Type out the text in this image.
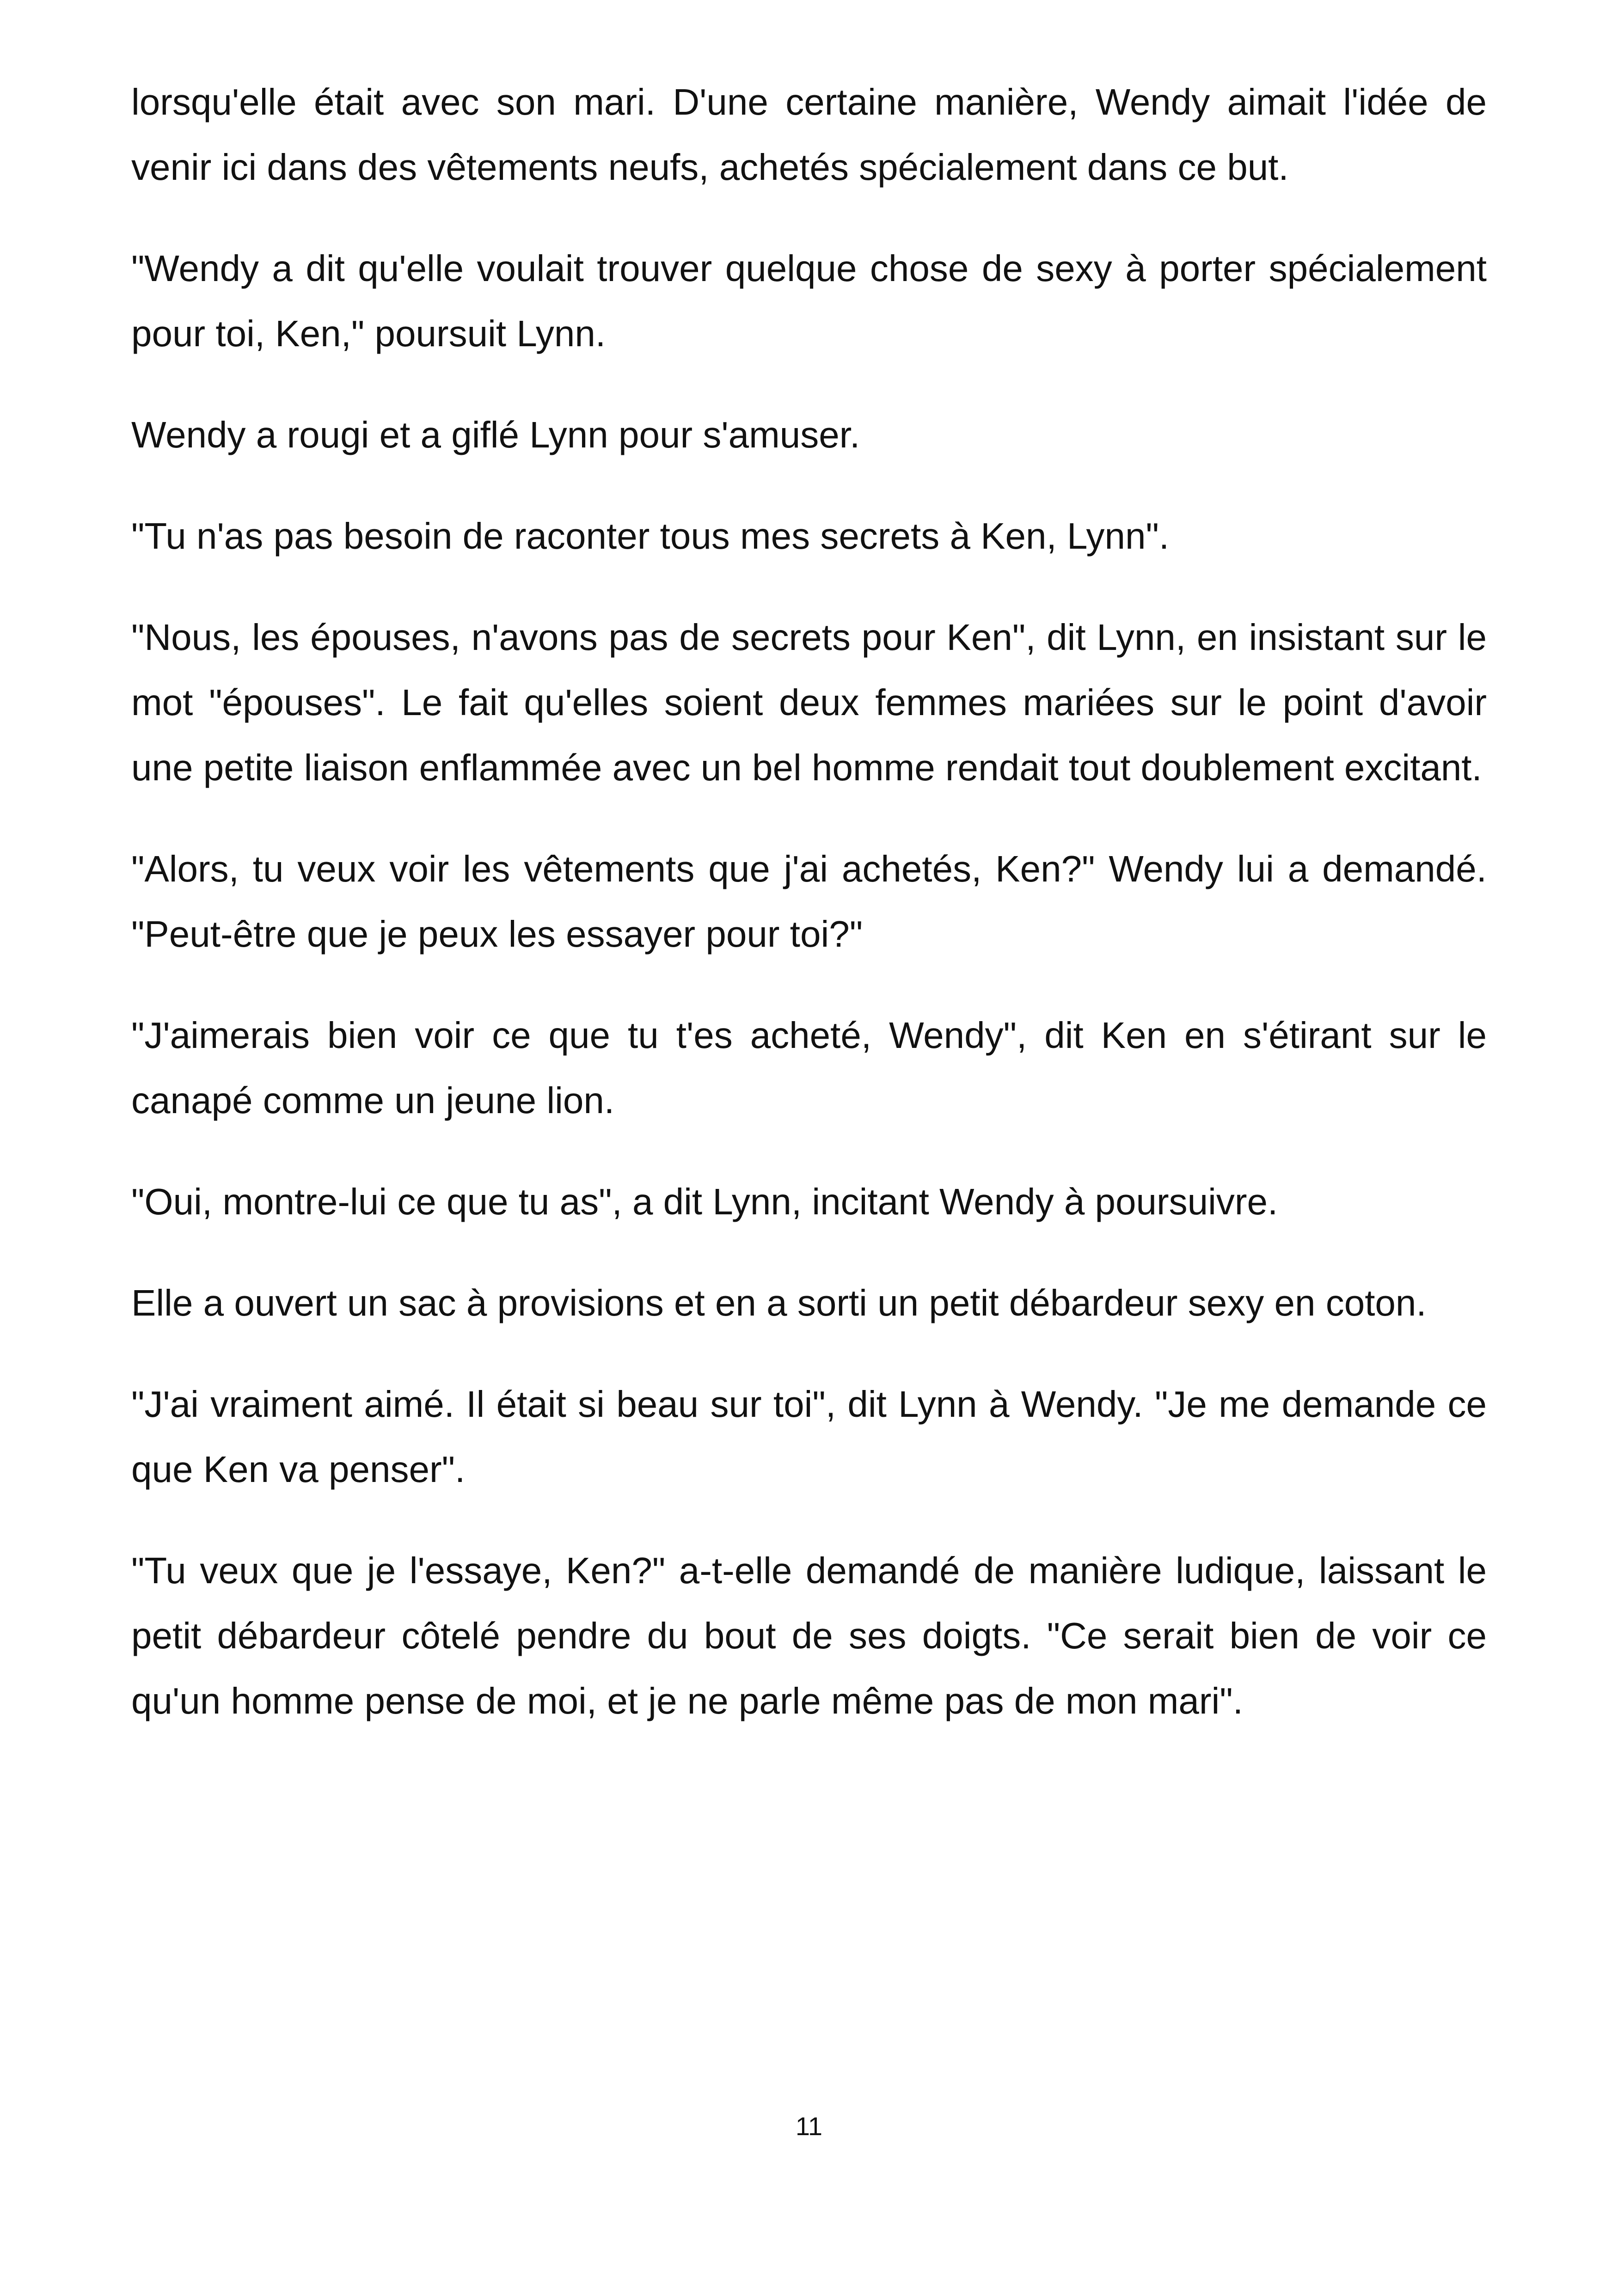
lorsqu'elle était avec son mari. D'une certaine manière, Wendy aimait l'idée de venir ici dans des vêtements neufs, achetés spécialement dans ce but.

"Wendy a dit qu'elle voulait trouver quelque chose de sexy à porter spécialement pour toi, Ken," poursuit Lynn.

Wendy a rougi et a giflé Lynn pour s'amuser.

"Tu n'as pas besoin de raconter tous mes secrets à Ken, Lynn".

"Nous, les épouses, n'avons pas de secrets pour Ken", dit Lynn, en insistant sur le mot "épouses". Le fait qu'elles soient deux femmes mariées sur le point d'avoir une petite liaison enflammée avec un bel homme rendait tout doublement excitant.

"Alors, tu veux voir les vêtements que j'ai achetés, Ken?" Wendy lui a demandé. "Peut-être que je peux les essayer pour toi?"

"J'aimerais bien voir ce que tu t'es acheté, Wendy", dit Ken en s'étirant sur le canapé comme un jeune lion.

"Oui, montre-lui ce que tu as", a dit Lynn, incitant Wendy à poursuivre.

Elle a ouvert un sac à provisions et en a sorti un petit débardeur sexy en coton.

"J'ai vraiment aimé. Il était si beau sur toi", dit Lynn à Wendy. "Je me demande ce que Ken va penser".

"Tu veux que je l'essaye, Ken?" a-t-elle demandé de manière ludique, laissant le petit débardeur côtelé pendre du bout de ses doigts. "Ce serait bien de voir ce qu'un homme pense de moi, et je ne parle même pas de mon mari".

11
